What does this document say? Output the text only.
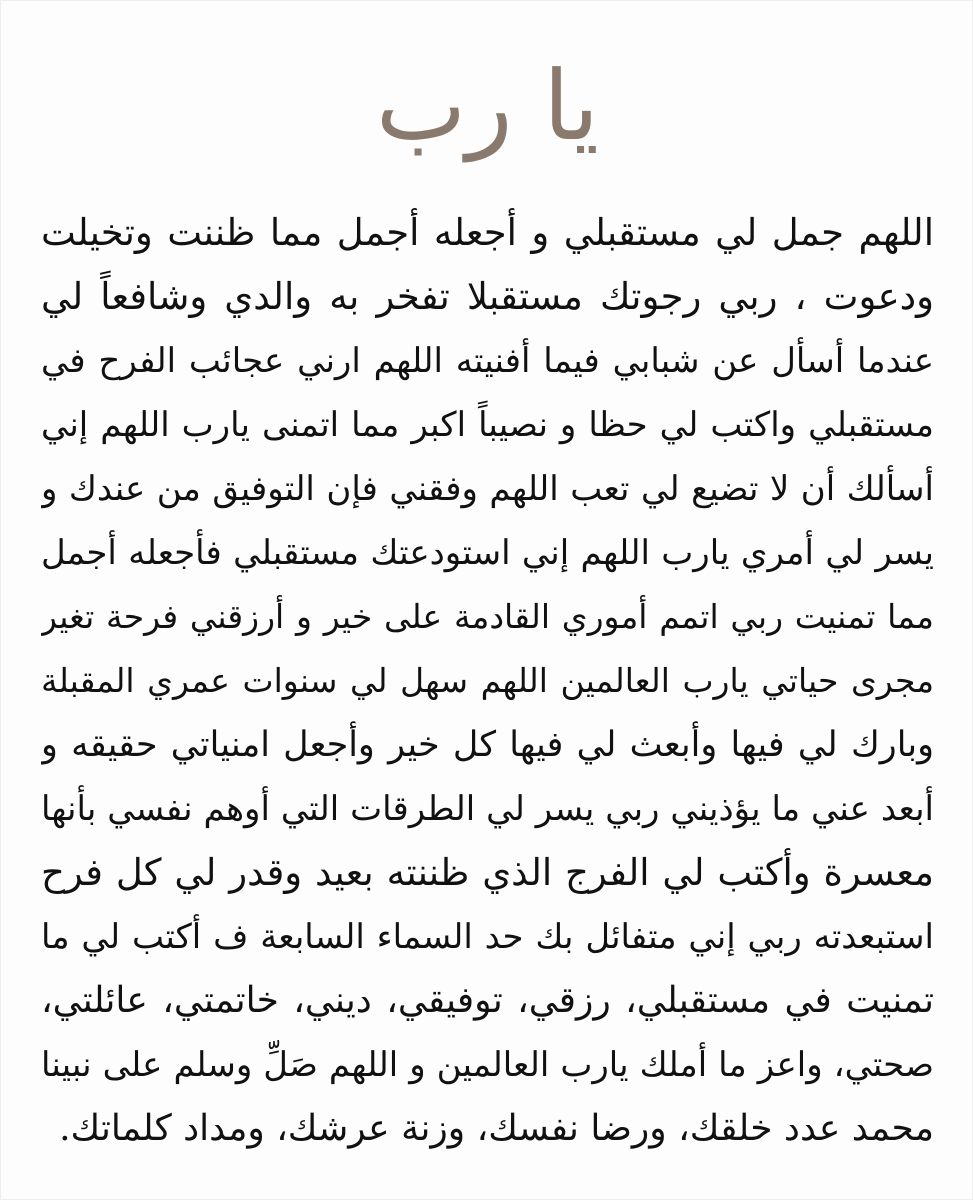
يا رب
اللهم جمل لي مستقبلي و أجعله أجمل مما ظننت وتخيلت
ودعوت ، ربي رجوتك مستقبلا تفخر به والدي وشافعاً لي
عندما أسأل عن شبابي فيما أفنيته اللهم ارني عجائب الفرح في
مستقبلي واكتب لي حظا و نصيباً اكبر مما اتمنى يارب اللهم إني
أسألك أن لا تضيع لي تعب اللهم وفقني فإن التوفيق من عندك و
يسر لي أمري يارب اللهم إني استودعتك مستقبلي فأجعله أجمل
مما تمنيت ربي اتمم أموري القادمة على خير و أرزقني فرحة تغير
مجرى حياتي يارب العالمين اللهم سهل لي سنوات عمري المقبلة
وبارك لي فيها وأبعث لي فيها كل خير وأجعل امنياتي حقيقه و
أبعد عني ما يؤذيني ربي يسر لي الطرقات التي أوهم نفسي بأنها
معسرة وأكتب لي الفرج الذي ظننته بعيد وقدر لي كل فرح
استبعدته ربي إني متفائل بك حد السماء السابعة ف أكتب لي ما
تمنيت في مستقبلي، رزقي، توفيقي، ديني، خاتمتي، عائلتي،
صحتي، واعز ما أملك يارب العالمين و اللهم صَلِّ وسلم على نبينا
محمد عدد خلقك، ورضا نفسك، وزنة عرشك، ومداد كلماتك.
